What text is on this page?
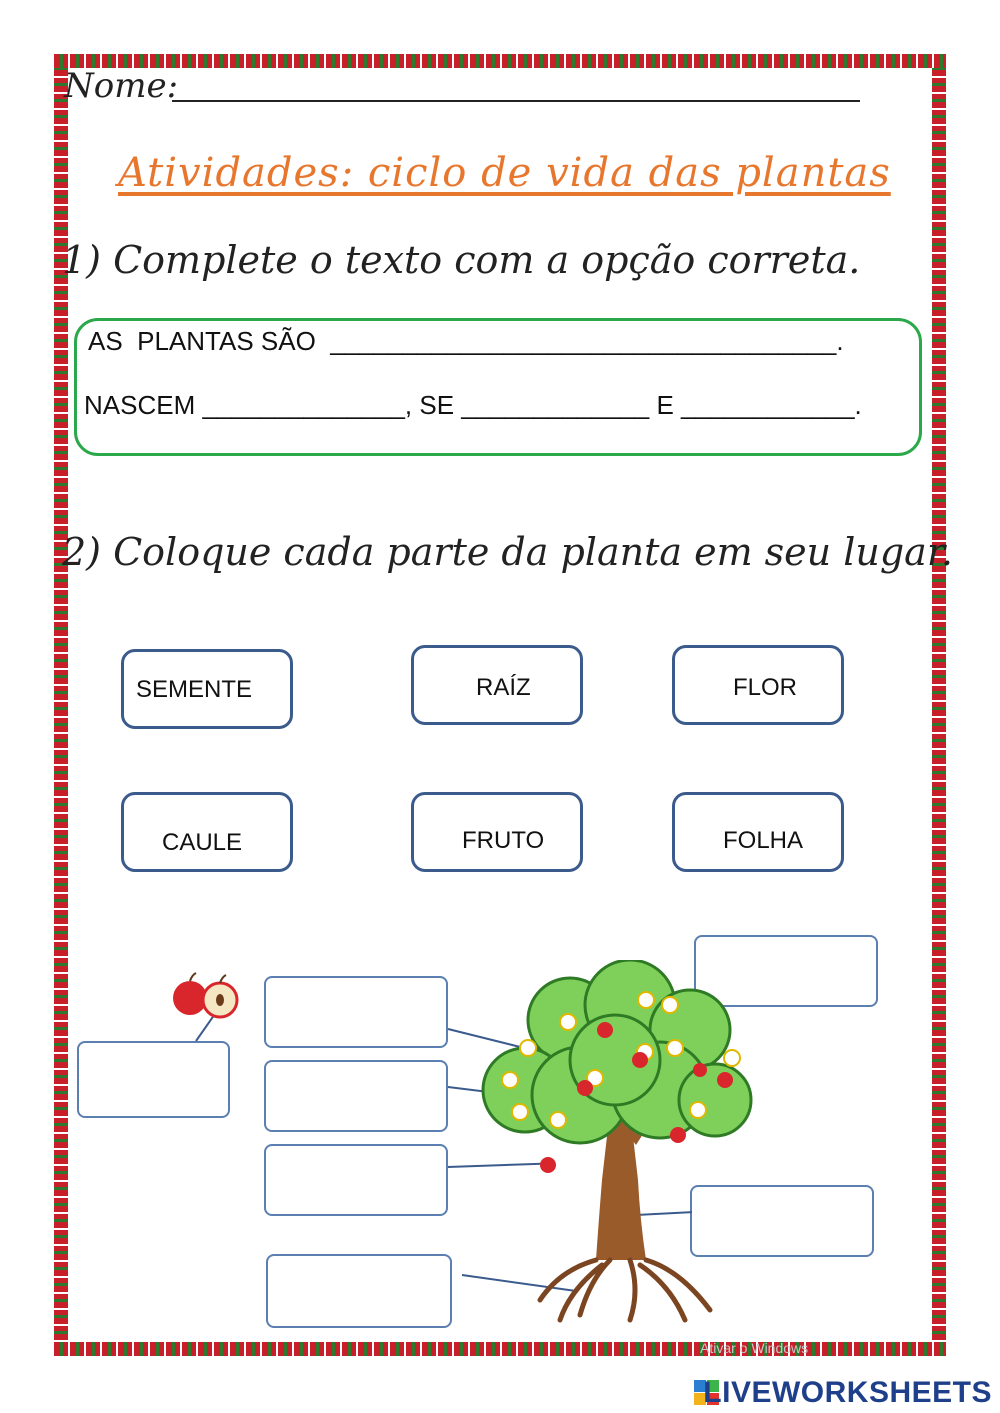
Nome:
Atividades: ciclo de vida das plantas
1) Complete o texto com a opção correta.
AS  PLANTAS SÃO  ___________________________________.
NASCEM ______________, SE _____________ E ____________.
2) Coloque cada parte da planta em seu lugar.
SEMENTE	RAÍZ	FLOR
CAULE	FRUTO	FOLHA
Ativar o Windows
LIVEWORKSHEETS
